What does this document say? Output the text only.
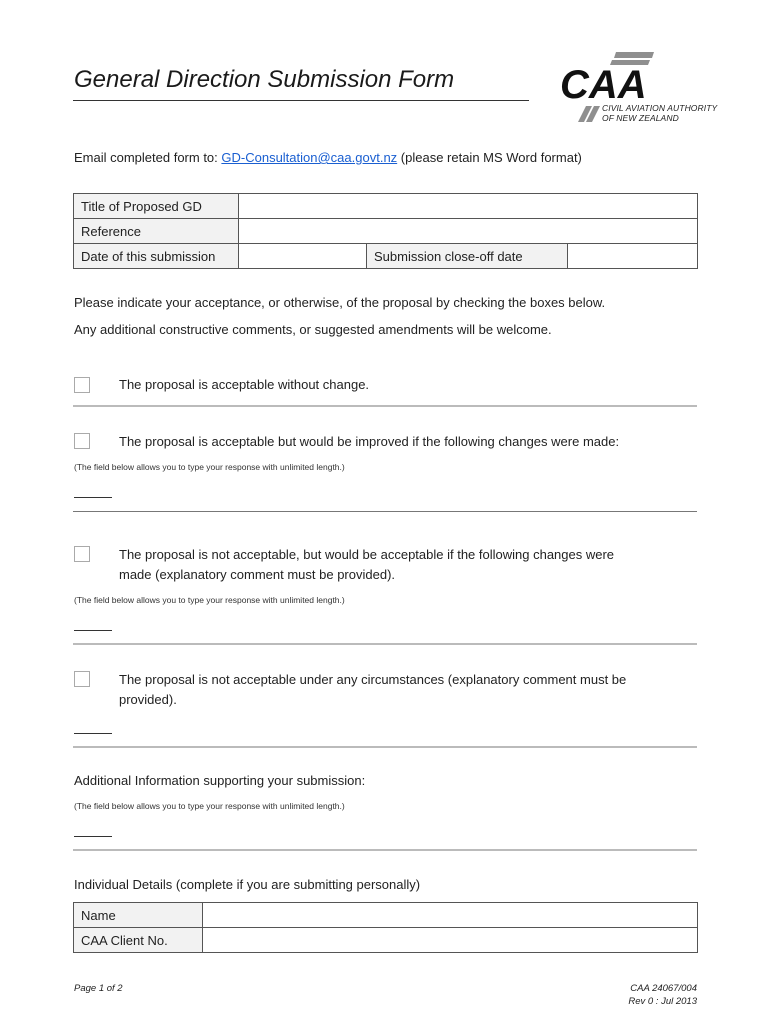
General Direction Submission Form	CAA
CIVIL AVIATION AUTHORITY
OF NEW ZEALAND
Email completed form to: GD-Consultation@caa.govt.nz (please retain MS Word format)
Title of Proposed GD			
Reference			
Date of this submission		Submission close-off date	
Please indicate your acceptance, or otherwise, of the proposal by checking the boxes below.
Any additional constructive comments, or suggested amendments will be welcome.
The proposal is acceptable without change.
The proposal is acceptable but would be improved if the following changes were made:
(The field below allows you to type your response with unlimited length.)
The proposal is not acceptable, but would be acceptable if the following changes were
made (explanatory comment must be provided).
(The field below allows you to type your response with unlimited length.)
The proposal is not acceptable under any circumstances (explanatory comment must be
provided).
Additional Information supporting your submission:
(The field below allows you to type your response with unlimited length.)
Individual Details (complete if you are submitting personally)
Name	
CAA Client No.	
Page 1 of 2	CAA 24067/004
Rev 0 : Jul 2013
